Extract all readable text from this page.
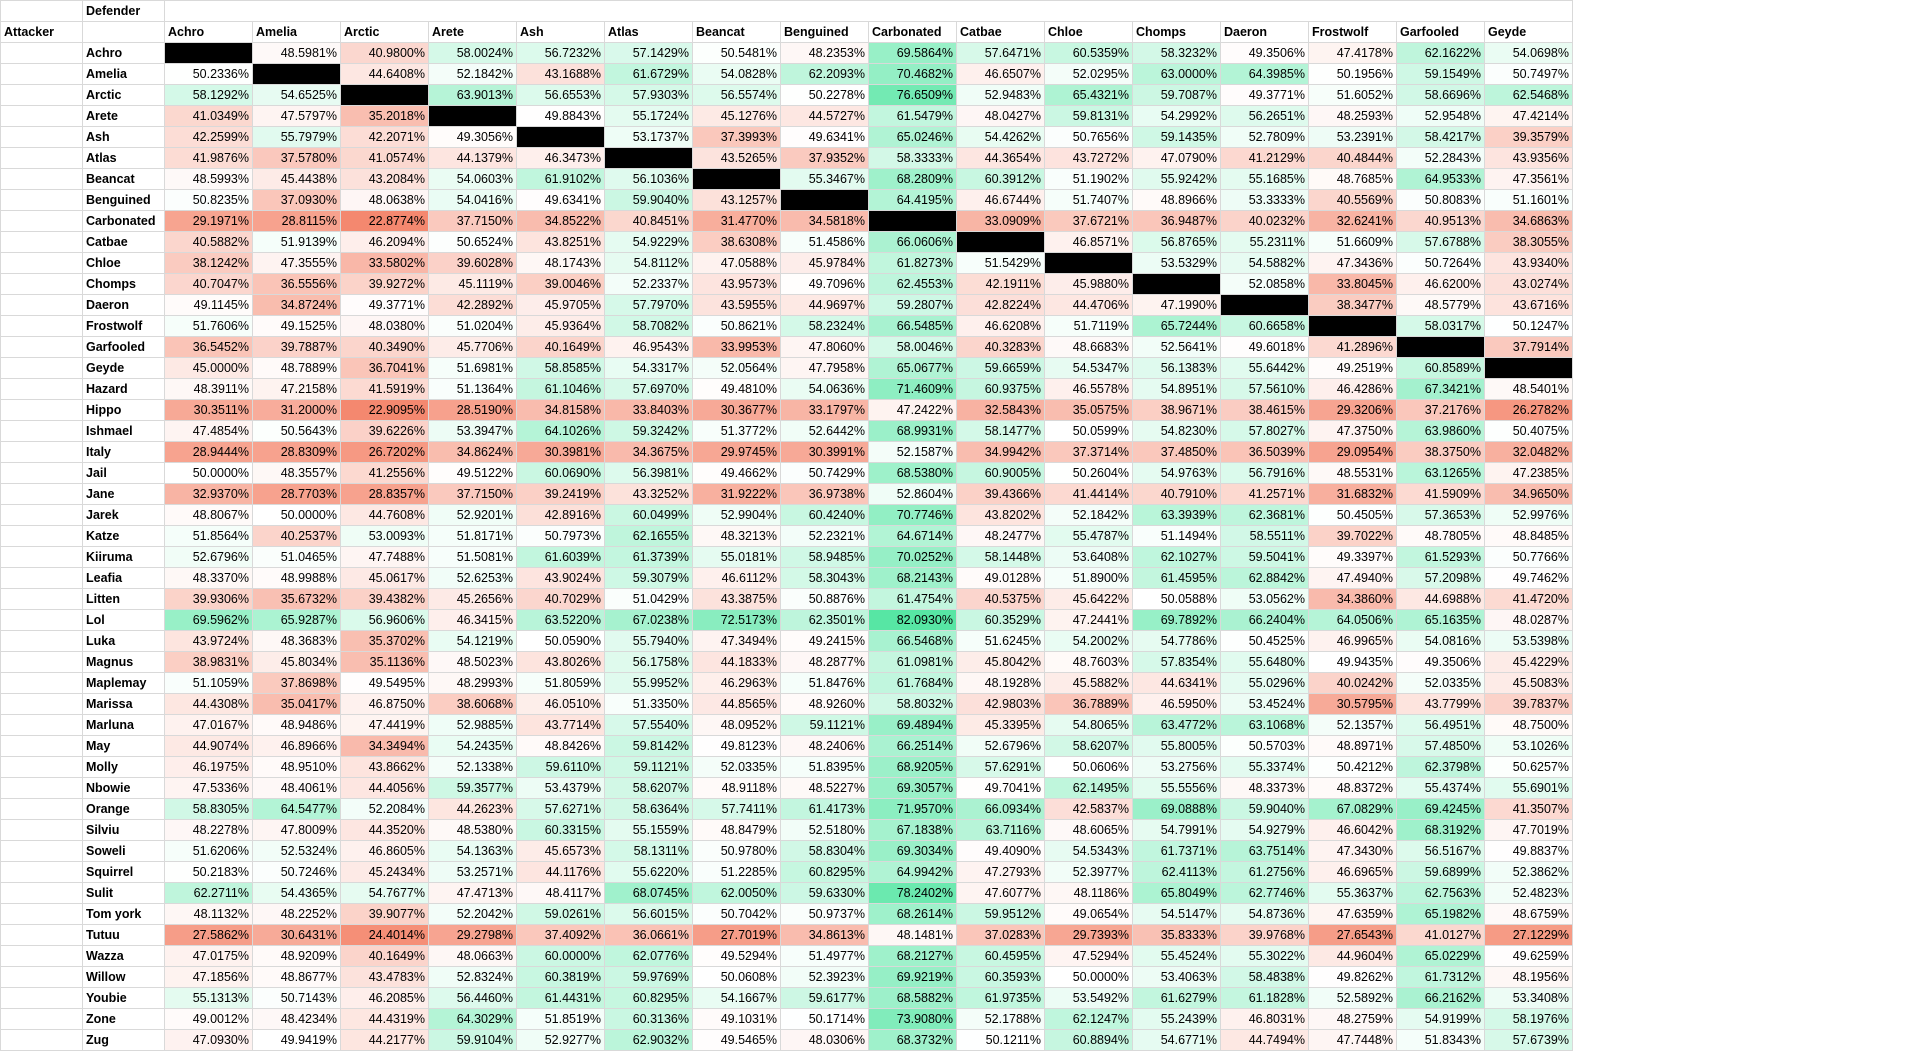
	Defender																
Attacker		Achro	Amelia	Arctic	Arete	Ash	Atlas	Beancat	Benguined	Carbonated	Catbae	Chloe	Chomps	Daeron	Frostwolf	Garfooled	Geyde
	Achro		48.5981%	40.9800%	58.0024%	56.7232%	57.1429%	50.5481%	48.2353%	69.5864%	57.6471%	60.5359%	58.3232%	49.3506%	47.4178%	62.1622%	54.0698%
	Amelia	50.2336%		44.6408%	52.1842%	43.1688%	61.6729%	54.0828%	62.2093%	70.4682%	46.6507%	52.0295%	63.0000%	64.3985%	50.1956%	59.1549%	50.7497%
	Arctic	58.1292%	54.6525%		63.9013%	56.6553%	57.9303%	56.5574%	50.2278%	76.6509%	52.9483%	65.4321%	59.7087%	49.3771%	51.6052%	58.6696%	62.5468%
	Arete	41.0349%	47.5797%	35.2018%		49.8843%	55.1724%	45.1276%	44.5727%	61.5479%	48.0427%	59.8131%	54.2992%	56.2651%	48.2593%	52.9548%	47.4214%
	Ash	42.2599%	55.7979%	42.2071%	49.3056%		53.1737%	37.3993%	49.6341%	65.0246%	54.4262%	50.7656%	59.1435%	52.7809%	53.2391%	58.4217%	39.3579%
	Atlas	41.9876%	37.5780%	41.0574%	44.1379%	46.3473%		43.5265%	37.9352%	58.3333%	44.3654%	43.7272%	47.0790%	41.2129%	40.4844%	52.2843%	43.9356%
	Beancat	48.5993%	45.4438%	43.2084%	54.0603%	61.9102%	56.1036%		55.3467%	68.2809%	60.3912%	51.1902%	55.9242%	55.1685%	48.7685%	64.9533%	47.3561%
	Benguined	50.8235%	37.0930%	48.0638%	54.0416%	49.6341%	59.9040%	43.1257%		64.4195%	46.6744%	51.7407%	48.8966%	53.3333%	40.5569%	50.8083%	51.1601%
	Carbonated	29.1971%	28.8115%	22.8774%	37.7150%	34.8522%	40.8451%	31.4770%	34.5818%		33.0909%	37.6721%	36.9487%	40.0232%	32.6241%	40.9513%	34.6863%
	Catbae	40.5882%	51.9139%	46.2094%	50.6524%	43.8251%	54.9229%	38.6308%	51.4586%	66.0606%		46.8571%	56.8765%	55.2311%	51.6609%	57.6788%	38.3055%
	Chloe	38.1242%	47.3555%	33.5802%	39.6028%	48.1743%	54.8112%	47.0588%	45.9784%	61.8273%	51.5429%		53.5329%	54.5882%	47.3436%	50.7264%	43.9340%
	Chomps	40.7047%	36.5556%	39.9272%	45.1119%	39.0046%	52.2337%	43.9573%	49.7096%	62.4553%	42.1911%	45.9880%		52.0858%	33.8045%	46.6200%	43.0274%
	Daeron	49.1145%	34.8724%	49.3771%	42.2892%	45.9705%	57.7970%	43.5955%	44.9697%	59.2807%	42.8224%	44.4706%	47.1990%		38.3477%	48.5779%	43.6716%
	Frostwolf	51.7606%	49.1525%	48.0380%	51.0204%	45.9364%	58.7082%	50.8621%	58.2324%	66.5485%	46.6208%	51.7119%	65.7244%	60.6658%		58.0317%	50.1247%
	Garfooled	36.5452%	39.7887%	40.3490%	45.7706%	40.1649%	46.9543%	33.9953%	47.8060%	58.0046%	40.3283%	48.6683%	52.5641%	49.6018%	41.2896%		37.7914%
	Geyde	45.0000%	48.7889%	36.7041%	51.6981%	58.8585%	54.3317%	52.0564%	47.7958%	65.0677%	59.6659%	54.5347%	56.1383%	55.6442%	49.2519%	60.8589%	
	Hazard	48.3911%	47.2158%	41.5919%	51.1364%	61.1046%	57.6970%	49.4810%	54.0636%	71.4609%	60.9375%	46.5578%	54.8951%	57.5610%	46.4286%	67.3421%	48.5401%
	Hippo	30.3511%	31.2000%	22.9095%	28.5190%	34.8158%	33.8403%	30.3677%	33.1797%	47.2422%	32.5843%	35.0575%	38.9671%	38.4615%	29.3206%	37.2176%	26.2782%
	Ishmael	47.4854%	50.5643%	39.6226%	53.3947%	64.1026%	59.3242%	51.3772%	52.6442%	68.9931%	58.1477%	50.0599%	54.8230%	57.8027%	47.3750%	63.9860%	50.4075%
	Italy	28.9444%	28.8309%	26.7202%	34.8624%	30.3981%	34.3675%	29.9745%	30.3991%	52.1587%	34.9942%	37.3714%	37.4850%	36.5039%	29.0954%	38.3750%	32.0482%
	Jail	50.0000%	48.3557%	41.2556%	49.5122%	60.0690%	56.3981%	49.4662%	50.7429%	68.5380%	60.9005%	50.2604%	54.9763%	56.7916%	48.5531%	63.1265%	47.2385%
	Jane	32.9370%	28.7703%	28.8357%	37.7150%	39.2419%	43.3252%	31.9222%	36.9738%	52.8604%	39.4366%	41.4414%	40.7910%	41.2571%	31.6832%	41.5909%	34.9650%
	Jarek	48.8067%	50.0000%	44.7608%	52.9201%	42.8916%	60.0499%	52.9904%	60.4240%	70.7746%	43.8202%	52.1842%	63.3939%	62.3681%	50.4505%	57.3653%	52.9976%
	Katze	51.8564%	40.2537%	53.0093%	51.8171%	50.7973%	62.1655%	48.3213%	52.2321%	64.6714%	48.2477%	55.4787%	51.1494%	58.5511%	39.7022%	48.7805%	48.8485%
	Kiiruma	52.6796%	51.0465%	47.7488%	51.5081%	61.6039%	61.3739%	55.0181%	58.9485%	70.0252%	58.1448%	53.6408%	62.1027%	59.5041%	49.3397%	61.5293%	50.7766%
	Leafia	48.3370%	48.9988%	45.0617%	52.6253%	43.9024%	59.3079%	46.6112%	58.3043%	68.2143%	49.0128%	51.8900%	61.4595%	62.8842%	47.4940%	57.2098%	49.7462%
	Litten	39.9306%	35.6732%	39.4382%	45.2656%	40.7029%	51.0429%	43.3875%	50.8876%	61.4754%	40.5375%	45.6422%	50.0588%	53.0562%	34.3860%	44.6988%	41.4720%
	Lol	69.5962%	65.9287%	56.9606%	46.3415%	63.5220%	67.0238%	72.5173%	62.3501%	82.0930%	60.3529%	47.2441%	69.7892%	66.2404%	64.0506%	65.1635%	48.0287%
	Luka	43.9724%	48.3683%	35.3702%	54.1219%	50.0590%	55.7940%	47.3494%	49.2415%	66.5468%	51.6245%	54.2002%	54.7786%	50.4525%	46.9965%	54.0816%	53.5398%
	Magnus	38.9831%	45.8034%	35.1136%	48.5023%	43.8026%	56.1758%	44.1833%	48.2877%	61.0981%	45.8042%	48.7603%	57.8354%	55.6480%	49.9435%	49.3506%	45.4229%
	Maplemay	51.1059%	37.8698%	49.5495%	48.2993%	51.8059%	55.9952%	46.2963%	51.8476%	61.7684%	48.1928%	45.5882%	44.6341%	55.0296%	40.0242%	52.0335%	45.5083%
	Marissa	44.4308%	35.0417%	46.8750%	38.6068%	46.0510%	51.3350%	44.8565%	48.9260%	58.8032%	42.9803%	36.7889%	46.5950%	53.4524%	30.5795%	43.7799%	39.7837%
	Marluna	47.0167%	48.9486%	47.4419%	52.9885%	43.7714%	57.5540%	48.0952%	59.1121%	69.4894%	45.3395%	54.8065%	63.4772%	63.1068%	52.1357%	56.4951%	48.7500%
	May	44.9074%	46.8966%	34.3494%	54.2435%	48.8426%	59.8142%	49.8123%	48.2406%	66.2514%	52.6796%	58.6207%	55.8005%	50.5703%	48.8971%	57.4850%	53.1026%
	Molly	46.1975%	48.9510%	43.8662%	52.1338%	59.6110%	59.1121%	52.0335%	51.8395%	68.9205%	57.6291%	50.0606%	53.2756%	55.3374%	50.4212%	62.3798%	50.6257%
	Nbowie	47.5336%	48.4061%	44.4056%	59.3577%	53.4379%	58.6207%	48.9118%	48.5227%	69.3057%	49.7041%	62.1495%	55.5556%	48.3373%	48.8372%	55.4374%	55.6901%
	Orange	58.8305%	64.5477%	52.2084%	44.2623%	57.6271%	58.6364%	57.7411%	61.4173%	71.9570%	66.0934%	42.5837%	69.0888%	59.9040%	67.0829%	69.4245%	41.3507%
	Silviu	48.2278%	47.8009%	44.3520%	48.5380%	60.3315%	55.1559%	48.8479%	52.5180%	67.1838%	63.7116%	48.6065%	54.7991%	54.9279%	46.6042%	68.3192%	47.7019%
	Soweli	51.6206%	52.5324%	46.8605%	54.1363%	45.6573%	58.1311%	50.9780%	58.8304%	69.3034%	49.4090%	54.5343%	61.7371%	63.7514%	47.3430%	56.5167%	49.8837%
	Squirrel	50.2183%	50.7246%	45.2434%	53.2571%	44.1176%	55.6220%	51.2285%	60.8295%	64.9942%	47.2793%	52.3977%	62.4113%	61.2756%	46.6965%	59.6899%	52.3862%
	Sulit	62.2711%	54.4365%	54.7677%	47.4713%	48.4117%	68.0745%	62.0050%	59.6330%	78.2402%	47.6077%	48.1186%	65.8049%	62.7746%	55.3637%	62.7563%	52.4823%
	Tom york	48.1132%	48.2252%	39.9077%	52.2042%	59.0261%	56.6015%	50.7042%	50.9737%	68.2614%	59.9512%	49.0654%	54.5147%	54.8736%	47.6359%	65.1982%	48.6759%
	Tutuu	27.5862%	30.6431%	24.4014%	29.2798%	37.4092%	36.0661%	27.7019%	34.8613%	48.1481%	37.0283%	29.7393%	35.8333%	39.9768%	27.6543%	41.0127%	27.1229%
	Wazza	47.0175%	48.9209%	40.1649%	48.0663%	60.0000%	62.0776%	49.5294%	51.4977%	68.2127%	60.4595%	47.5294%	55.4524%	55.3022%	44.9604%	65.0229%	49.6259%
	Willow	47.1856%	48.8677%	43.4783%	52.8324%	60.3819%	59.9769%	50.0608%	52.3923%	69.9219%	60.3593%	50.0000%	53.4063%	58.4838%	49.8262%	61.7312%	48.1956%
	Youbie	55.1313%	50.7143%	46.2085%	56.4460%	61.4431%	60.8295%	54.1667%	59.6177%	68.5882%	61.9735%	53.5492%	61.6279%	61.1828%	52.5892%	66.2162%	53.3408%
	Zone	49.0012%	48.4234%	44.4319%	64.3029%	51.8519%	60.3136%	49.1031%	50.1714%	73.9080%	52.1788%	62.1247%	55.2439%	46.8031%	48.2759%	54.9199%	58.1976%
	Zug	47.0930%	49.9419%	44.2177%	59.9104%	52.9277%	62.9032%	49.5465%	48.0306%	68.3732%	50.1211%	60.8894%	54.6771%	44.7494%	47.7448%	51.8343%	57.6739%
